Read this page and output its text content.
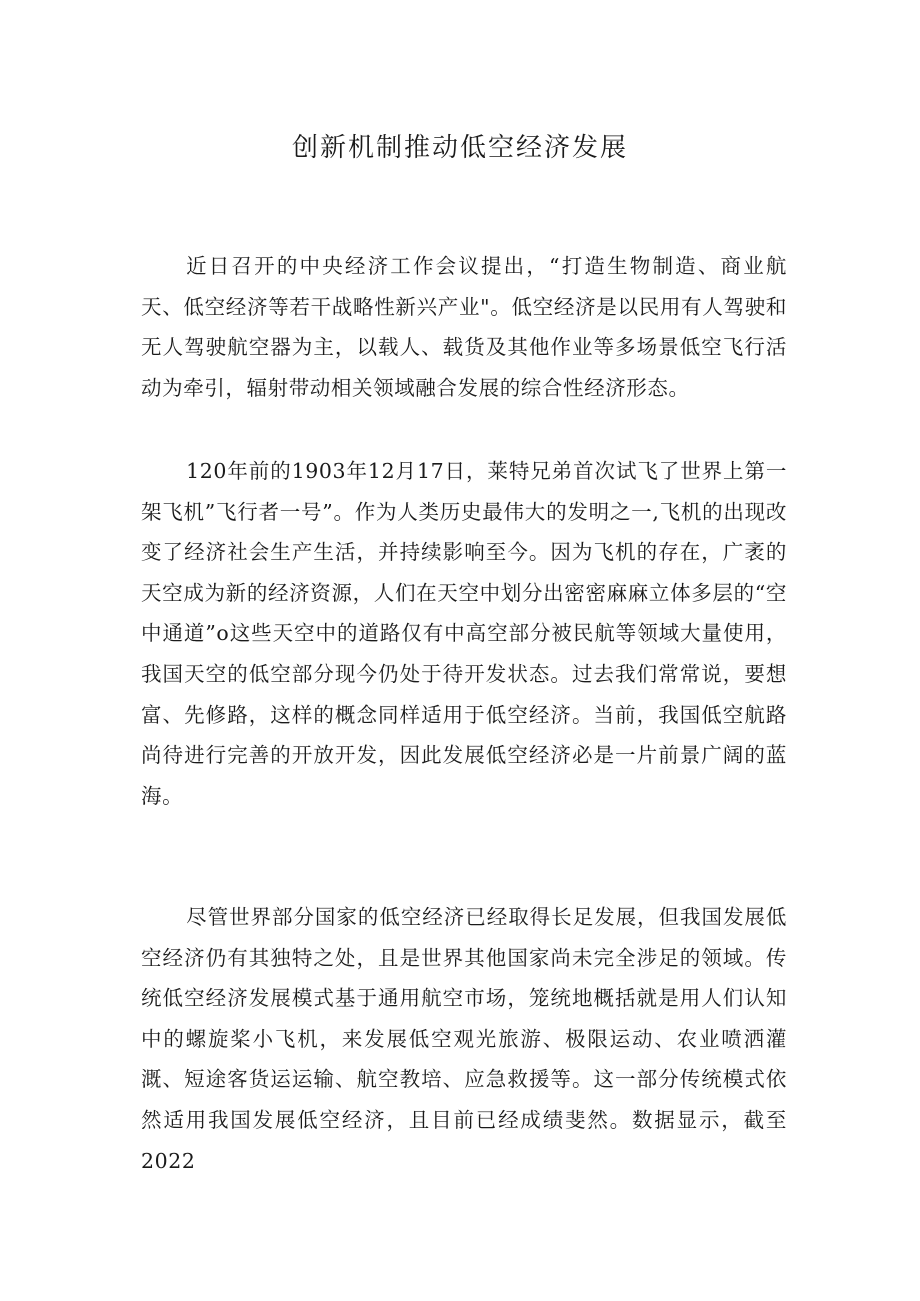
创新机制推动低空经济发展

近日召开的中央经济工作会议提出，“打造生物制造、商业航天、低空经济等若干战略性新兴产业"。低空经济是以民用有人驾驶和无人驾驶航空器为主，以载人、载货及其他作业等多场景低空飞行活动为牵引，辐射带动相关领域融合发展的综合性经济形态。

120年前的1903年12月17日，莱特兄弟首次试飞了世界上第一架飞机”飞行者一号”。作为人类历史最伟大的发明之一,飞机的出现改变了经济社会生产生活，并持续影响至今。因为飞机的存在，广袤的天空成为新的经济资源，人们在天空中划分出密密麻麻立体多层的“空中通道”o这些天空中的道路仅有中高空部分被民航等领域大量使用，我国天空的低空部分现今仍处于待开发状态。过去我们常常说，要想富、先修路，这样的概念同样适用于低空经济。当前，我国低空航路尚待进行完善的开放开发，因此发展低空经济必是一片前景广阔的蓝海。

尽管世界部分国家的低空经济已经取得长足发展，但我国发展低空经济仍有其独特之处，且是世界其他国家尚未完全涉足的领域。传统低空经济发展模式基于通用航空市场，笼统地概括就是用人们认知中的螺旋桨小飞机，来发展低空观光旅游、极限运动、农业喷洒灌溉、短途客货运运输、航空教培、应急救援等。这一部分传统模式依然适用我国发展低空经济，且目前已经成绩斐然。数据显示，截至2022
